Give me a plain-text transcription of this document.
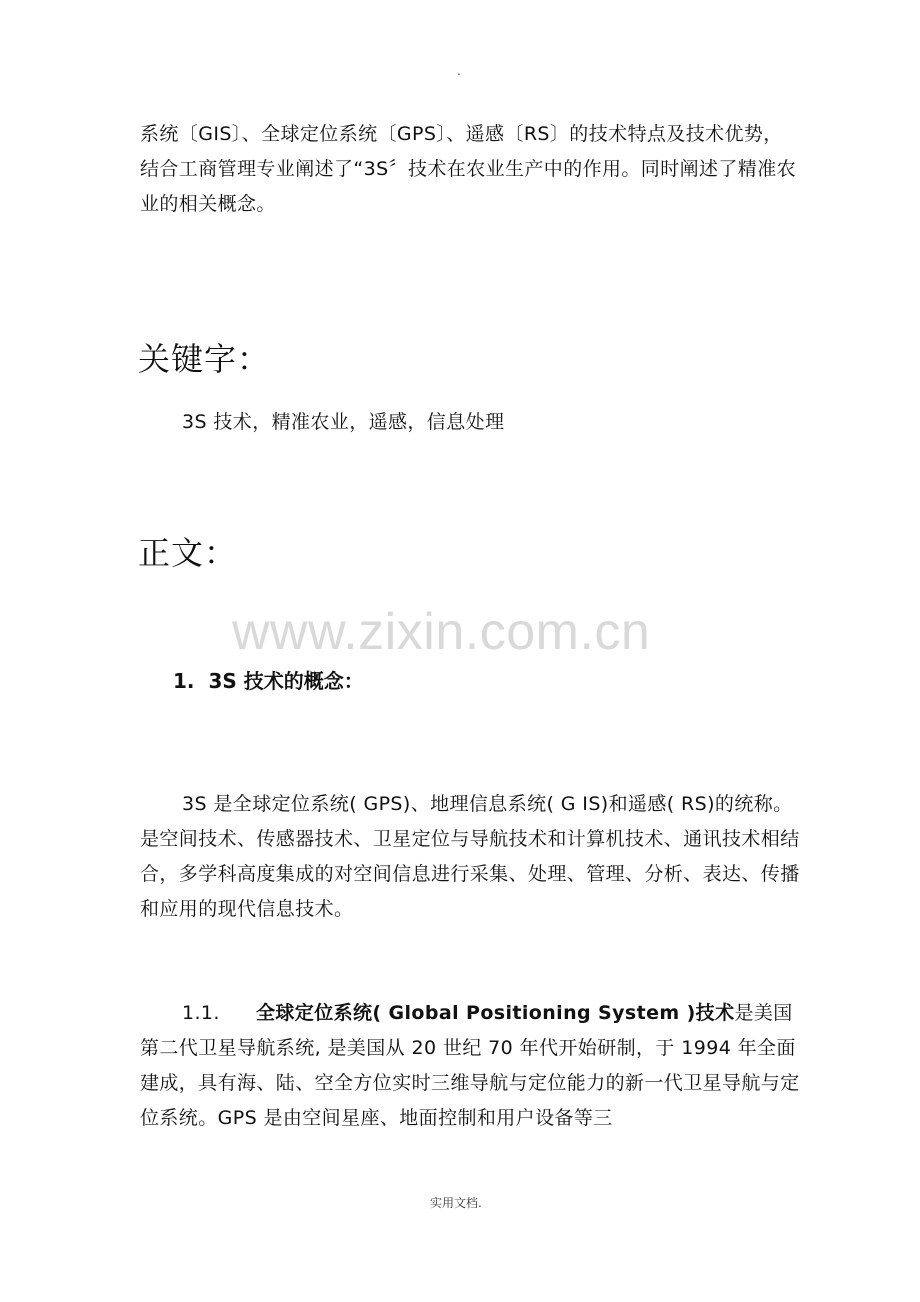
.
系统〔GIS〕、全球定位系统〔GPS〕、遥感〔RS〕的技术特点及技术优势，结合工商管理专业阐述了“3S〞技术在农业生产中的作用。同时阐述了精准农业的相关概念。
关键字：
3S 技术，精准农业，遥感，信息处理
正文：
www.zixin.com.cn
1. 3S 技术的概念：
3S 是全球定位系统( GPS)、地理信息系统( G IS)和遥感( RS)的统称。是空间技术、传感器技术、卫星定位与导航技术和计算机技术、通讯技术相结合，多学科高度集成的对空间信息进行采集、处理、管理、分析、表达、传播和应用的现代信息技术。
1.1. 全球定位系统( Global Positioning System )技术是美国第二代卫星导航系统, 是美国从 20 世纪 70 年代开始研制，于 1994 年全面建成，具有海、陆、空全方位实时三维导航与定位能力的新一代卫星导航与定位系统。GPS 是由空间星座、地面控制和用户设备等三
实用文档.
